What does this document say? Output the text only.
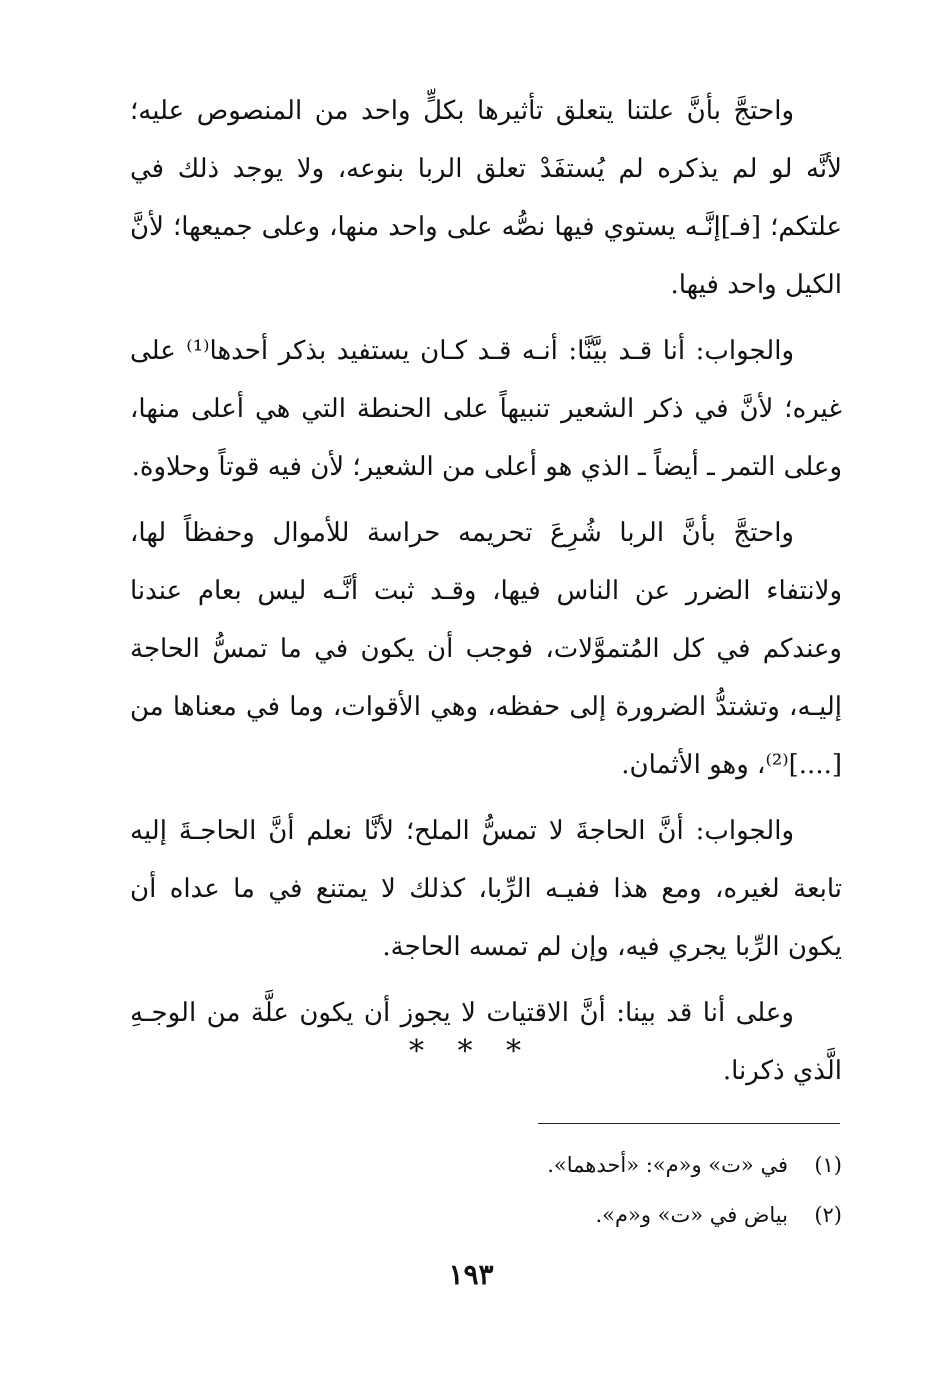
واحتجَّ بأنَّ علتنا يتعلق تأثيرها بكلٍّ واحد من المنصوص عليه؛ لأنَّه لو لم يذكره لم يُستفَدْ تعلق الربا بنوعه، ولا يوجد ذلك في علتكم؛ [فـ]إنَّـه يستوي فيها نصُّه على واحد منها، وعلى جميعها؛ لأنَّ الكيل واحد فيها.

والجواب: أنا قـد بيَّنَّا: أنـه قـد كـان يستفيد بذكر أحدها⁽¹⁾ على غيره؛ لأنَّ في ذكر الشعير تنبيهاً على الحنطة التي هي أعلى منها، وعلى التمر ـ أيضاً ـ الذي هو أعلى من الشعير؛ لأن فيه قوتاً وحلاوة.

واحتجَّ بأنَّ الربا شُرِعَ تحريمه حراسة للأموال وحفظاً لها، ولانتفاء الضرر عن الناس فيها، وقـد ثبت أنَّـه ليس بعام عندنا وعندكم في كل المُتموَّلات، فوجب أن يكون في ما تمسُّ الحاجة إليـه، وتشتدُّ الضرورة إلى حفظه، وهي الأقوات، وما في معناها من [....]⁽²⁾، وهو الأثمان.

والجواب: أنَّ الحاجةَ لا تمسُّ الملح؛ لأنَّا نعلم أنَّ الحاجـةَ إليه تابعة لغيره، ومع هذا ففيـه الرِّبا، كذلك لا يمتنع في ما عداه أن يكون الرِّبا يجري فيه، وإن لم تمسه الحاجة.

وعلى أنا قد بينا: أنَّ الاقتيات لا يجوز أن يكون علَّة من الوجـهِ الَّذي ذكرنا.

* * *
(١)
في «ت» و«م»: «أحدهما».
(٢)
بياض في «ت» و«م».
١٩٣
